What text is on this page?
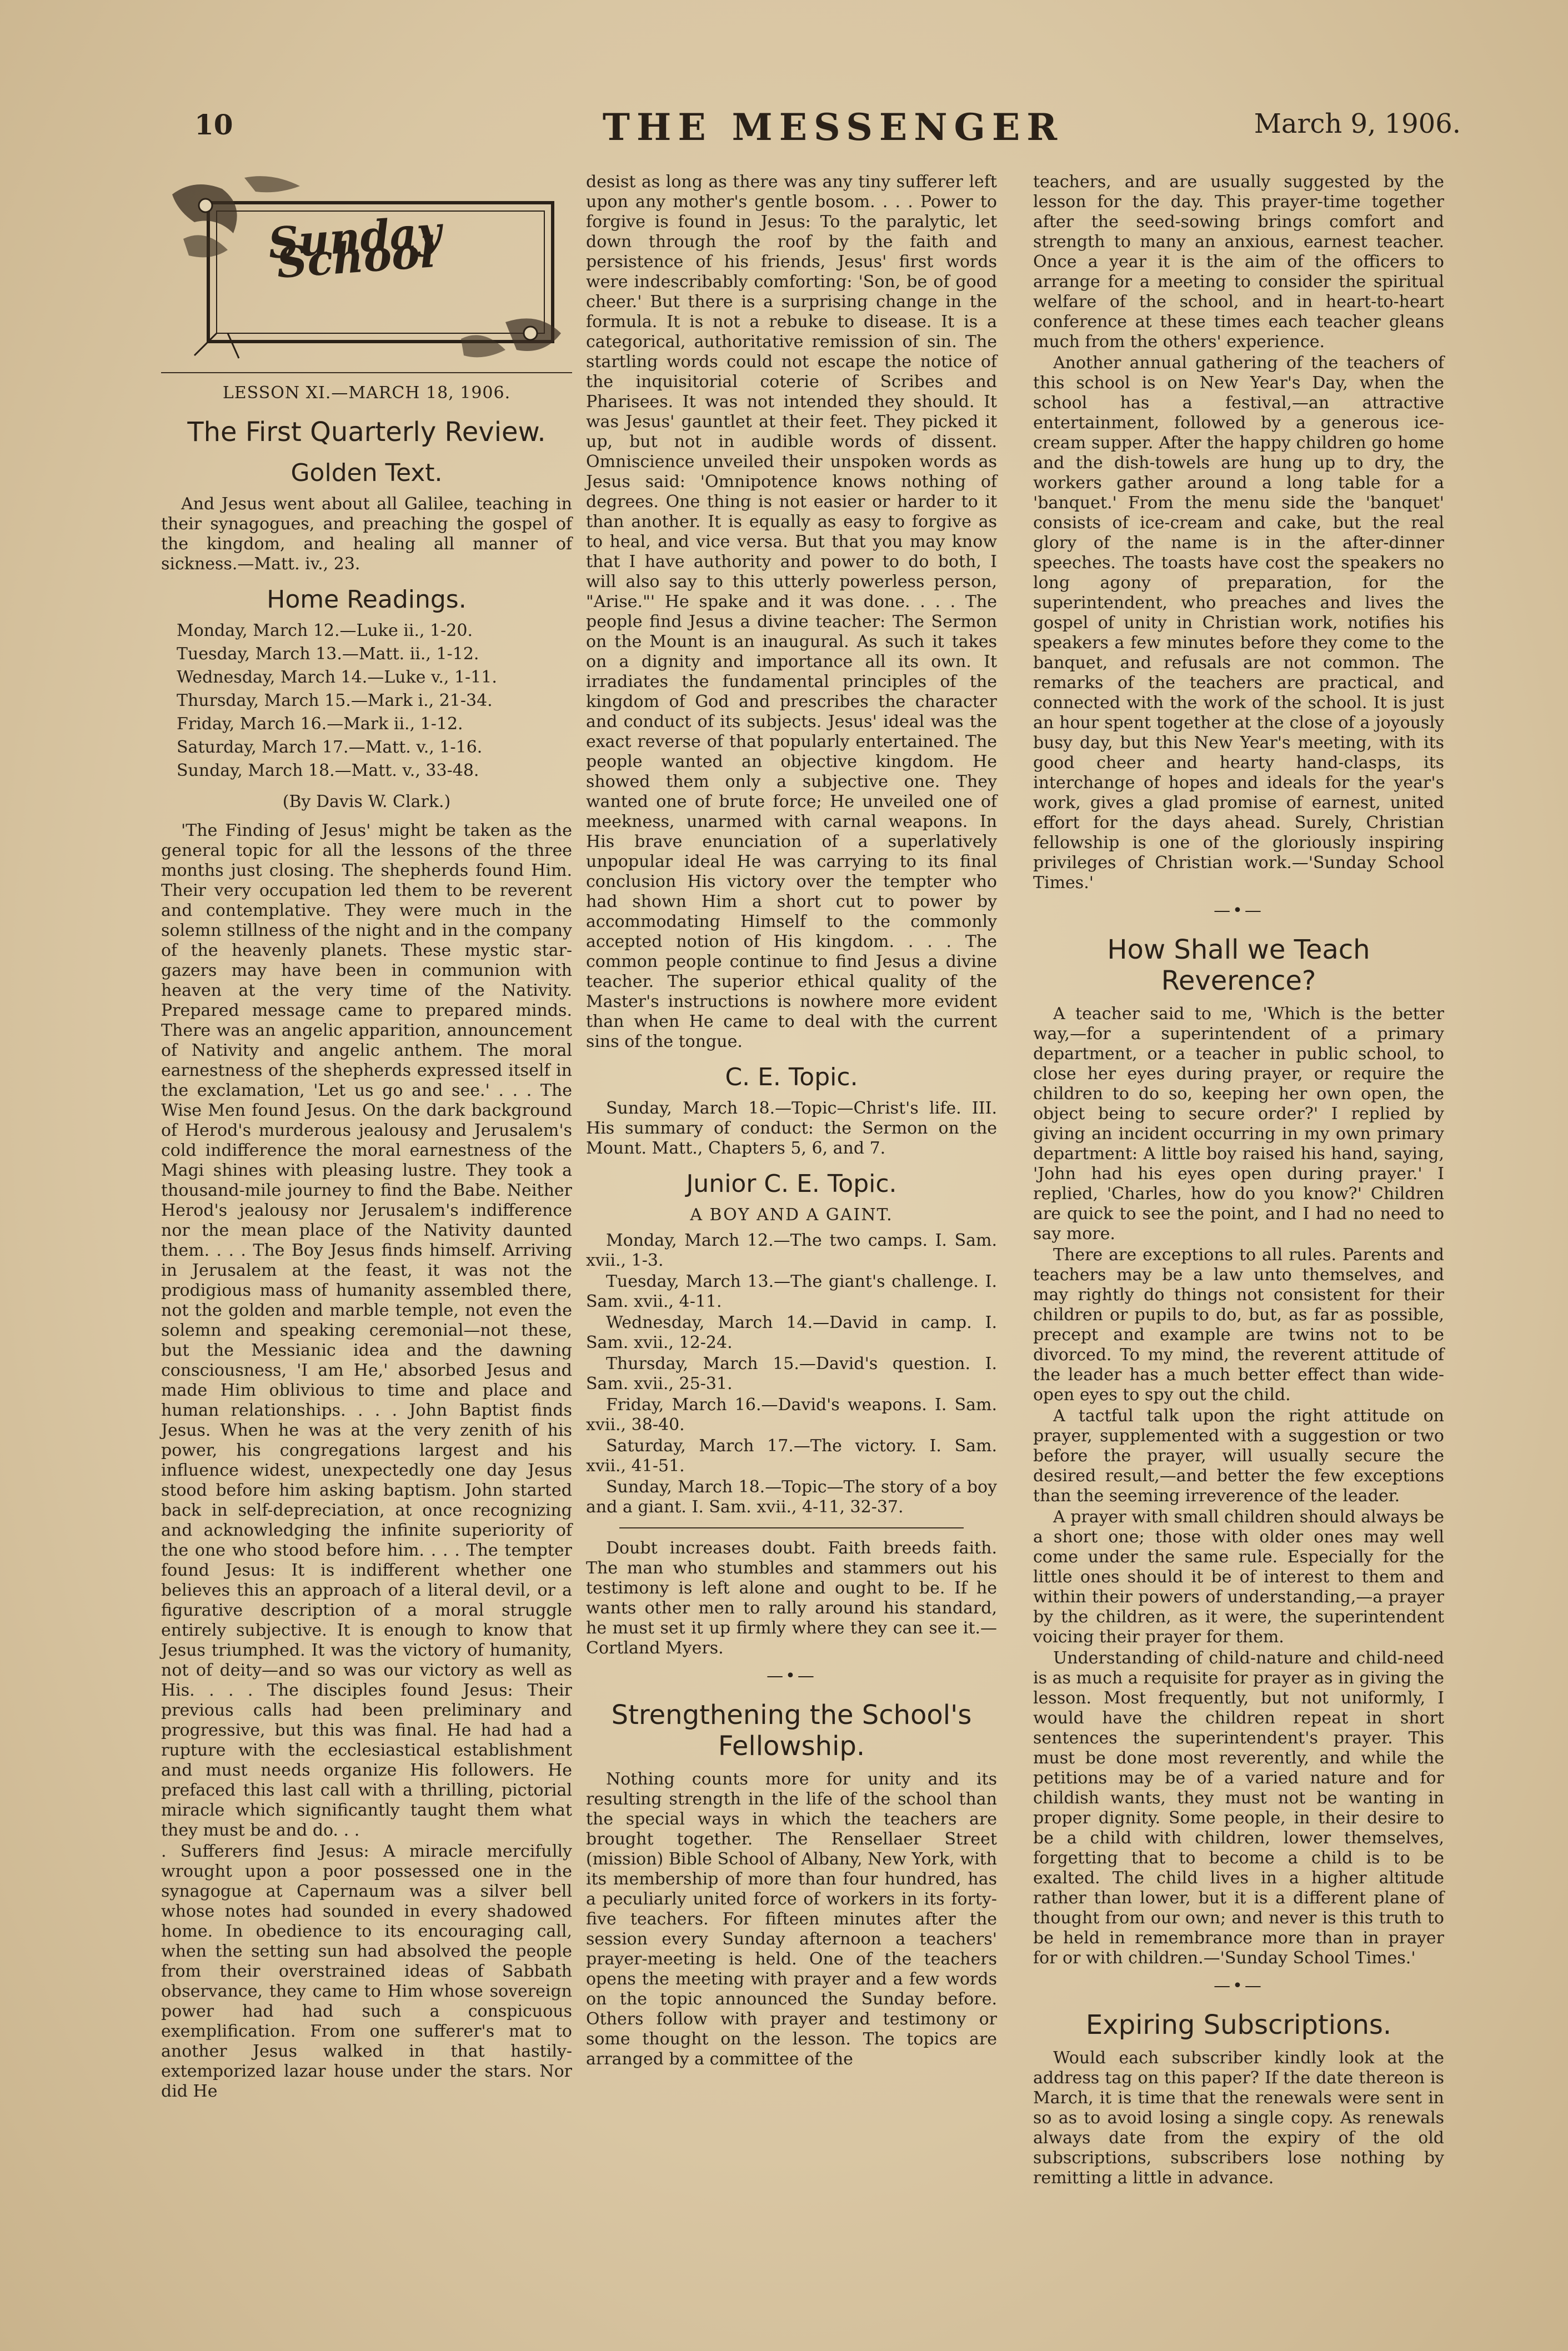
10	THE MESSENGER	March 9, 1906.
Sunday School
LESSON XI.—MARCH 18, 1906.
The First Quarterly Review.
Golden Text.

And Jesus went about all Galilee, teaching in their synagogues, and preaching the gospel of the kingdom, and healing all manner of sickness.—Matt. iv., 23.

Home Readings.
Monday, March 12.—Luke ii., 1-20.
Tuesday, March 13.—Matt. ii., 1-12.
Wednesday, March 14.—Luke v., 1-11.
Thursday, March 15.—Mark i., 21-34.
Friday, March 16.—Mark ii., 1-12.
Saturday, March 17.—Matt. v., 1-16.
Sunday, March 18.—Matt. v., 33-48.
(By Davis W. Clark.)

'The Finding of Jesus' might be taken as the general topic for all the lessons of the three months just closing. The shepherds found Him. Their very occupation led them to be reverent and contemplative. They were much in the solemn stillness of the night and in the company of the heavenly planets. These mystic star-gazers may have been in communion with heaven at the very time of the Nativity. Prepared message came to prepared minds. There was an angelic apparition, announcement of Nativity and angelic anthem. The moral earnestness of the shepherds expressed itself in the exclamation, 'Let us go and see.' . . . The Wise Men found Jesus. On the dark background of Herod's murderous jealousy and Jerusalem's cold indifference the moral earnestness of the Magi shines with pleasing lustre. They took a thousand-mile journey to find the Babe. Neither Herod's jealousy nor Jerusalem's indifference nor the mean place of the Nativity daunted them. . . . The Boy Jesus finds himself. Arriving in Jerusalem at the feast, it was not the prodigious mass of humanity assembled there, not the golden and marble temple, not even the solemn and speaking ceremonial—not these, but the Messianic idea and the dawning consciousness, 'I am He,' absorbed Jesus and made Him oblivious to time and place and human relationships. . . . John Baptist finds Jesus. When he was at the very zenith of his power, his congregations largest and his influence widest, unexpectedly one day Jesus stood before him asking baptism. John started back in self-depreciation, at once recognizing and acknowledging the infinite superiority of the one who stood before him. . . . The tempter found Jesus: It is indifferent whether one believes this an approach of a literal devil, or a figurative description of a moral struggle entirely subjective. It is enough to know that Jesus triumphed. It was the victory of humanity, not of deity—and so was our victory as well as His. . . . The disciples found Jesus: Their previous calls had been preliminary and progressive, but this was final. He had had a rupture with the ecclesiastical establishment and must needs organize His followers. He prefaced this last call with a thrilling, pictorial miracle which significantly taught them what they must be and do. . .

. Sufferers find Jesus: A miracle mercifully wrought upon a poor possessed one in the synagogue at Capernaum was a silver bell whose notes had sounded in every shadowed home. In obedience to its encouraging call, when the setting sun had absolved the people from their overstrained ideas of Sabbath observance, they came to Him whose sovereign power had had such a conspicuous exemplification. From one sufferer's mat to another Jesus walked in that hastily-extemporized lazar house under the stars. Nor did He

desist as long as there was any tiny sufferer left upon any mother's gentle bosom. . . . Power to forgive is found in Jesus: To the paralytic, let down through the roof by the faith and persistence of his friends, Jesus' first words were indescribably comforting: 'Son, be of good cheer.' But there is a surprising change in the formula. It is not a rebuke to disease. It is a categorical, authoritative remission of sin. The startling words could not escape the notice of the inquisitorial coterie of Scribes and Pharisees. It was not intended they should. It was Jesus' gauntlet at their feet. They picked it up, but not in audible words of dissent. Omniscience unveiled their unspoken words as Jesus said: 'Omnipotence knows nothing of degrees. One thing is not easier or harder to it than another. It is equally as easy to forgive as to heal, and vice versa. But that you may know that I have authority and power to do both, I will also say to this utterly powerless person, "Arise."' He spake and it was done. . . . The people find Jesus a divine teacher: The Sermon on the Mount is an inaugural. As such it takes on a dignity and importance all its own. It irradiates the fundamental principles of the kingdom of God and prescribes the character and conduct of its subjects. Jesus' ideal was the exact reverse of that popularly entertained. The people wanted an objective kingdom. He showed them only a subjective one. They wanted one of brute force; He unveiled one of meekness, unarmed with carnal weapons. In His brave enunciation of a superlatively unpopular ideal He was carrying to its final conclusion His victory over the tempter who had shown Him a short cut to power by accommodating Himself to the commonly accepted notion of His kingdom. . . . The common people continue to find Jesus a divine teacher. The superior ethical quality of the Master's instructions is nowhere more evident than when He came to deal with the current sins of the tongue.

C. E. Topic.

Sunday, March 18.—Topic—Christ's life. III. His summary of conduct: the Sermon on the Mount. Matt., Chapters 5, 6, and 7.

Junior C. E. Topic.
A BOY AND A GAINT.

Monday, March 12.—The two camps. I. Sam. xvii., 1-3.

Tuesday, March 13.—The giant's challenge. I. Sam. xvii., 4-11.

Wednesday, March 14.—David in camp. I. Sam. xvii., 12-24.

Thursday, March 15.—David's question. I. Sam. xvii., 25-31.

Friday, March 16.—David's weapons. I. Sam. xvii., 38-40.

Saturday, March 17.—The victory. I. Sam. xvii., 41-51.

Sunday, March 18.—Topic—The story of a boy and a giant. I. Sam. xvii., 4-11, 32-37.

Doubt increases doubt. Faith breeds faith. The man who stumbles and stammers out his testimony is left alone and ought to be. If he wants other men to rally around his standard, he must set it up firmly where they can see it.—Cortland Myers.

—•—
Strengthening the School's Fellowship.

Nothing counts more for unity and its resulting strength in the life of the school than the special ways in which the teachers are brought together. The Rensellaer Street (mission) Bible School of Albany, New York, with its membership of more than four hundred, has a peculiarly united force of workers in its forty-five teachers. For fifteen minutes after the session every Sunday afternoon a teachers' prayer-meeting is held. One of the teachers opens the meeting with prayer and a few words on the topic announced the Sunday before. Others follow with prayer and testimony or some thought on the lesson. The topics are arranged by a committee of the

teachers, and are usually suggested by the lesson for the day. This prayer-time together after the seed-sowing brings comfort and strength to many an anxious, earnest teacher. Once a year it is the aim of the officers to arrange for a meeting to consider the spiritual welfare of the school, and in heart-to-heart conference at these times each teacher gleans much from the others' experience.

Another annual gathering of the teachers of this school is on New Year's Day, when the school has a festival,—an attractive entertainment, followed by a generous ice-cream supper. After the happy children go home and the dish-towels are hung up to dry, the workers gather around a long table for a 'banquet.' From the menu side the 'banquet' consists of ice-cream and cake, but the real glory of the name is in the after-dinner speeches. The toasts have cost the speakers no long agony of preparation, for the superintendent, who preaches and lives the gospel of unity in Christian work, notifies his speakers a few minutes before they come to the banquet, and refusals are not common. The remarks of the teachers are practical, and connected with the work of the school. It is just an hour spent together at the close of a joyously busy day, but this New Year's meeting, with its good cheer and hearty hand-clasps, its interchange of hopes and ideals for the year's work, gives a glad promise of earnest, united effort for the days ahead. Surely, Christian fellowship is one of the gloriously inspiring privileges of Christian work.—'Sunday School Times.'

—•—
How Shall we Teach Reverence?

A teacher said to me, 'Which is the better way,—for a superintendent of a primary department, or a teacher in public school, to close her eyes during prayer, or require the children to do so, keeping her own open, the object being to secure order?' I replied by giving an incident occurring in my own primary department: A little boy raised his hand, saying, 'John had his eyes open during prayer.' I replied, 'Charles, how do you know?' Children are quick to see the point, and I had no need to say more.

There are exceptions to all rules. Parents and teachers may be a law unto themselves, and may rightly do things not consistent for their children or pupils to do, but, as far as possible, precept and example are twins not to be divorced. To my mind, the reverent attitude of the leader has a much better effect than wide-open eyes to spy out the child.

A tactful talk upon the right attitude on prayer, supplemented with a suggestion or two before the prayer, will usually secure the desired result,—and better the few exceptions than the seeming irreverence of the leader.

A prayer with small children should always be a short one; those with older ones may well come under the same rule. Especially for the little ones should it be of interest to them and within their powers of understanding,—a prayer by the children, as it were, the superintendent voicing their prayer for them.

Understanding of child-nature and child-need is as much a requisite for prayer as in giving the lesson. Most frequently, but not uniformly, I would have the children repeat in short sentences the superintendent's prayer. This must be done most reverently, and while the petitions may be of a varied nature and for childish wants, they must not be wanting in proper dignity. Some people, in their desire to be a child with children, lower themselves, forgetting that to become a child is to be exalted. The child lives in a higher altitude rather than lower, but it is a different plane of thought from our own; and never is this truth to be held in remembrance more than in prayer for or with children.—'Sunday School Times.'

—•—
Expiring Subscriptions.

Would each subscriber kindly look at the address tag on this paper? If the date thereon is March, it is time that the renewals were sent in so as to avoid losing a single copy. As renewals always date from the expiry of the old subscriptions, subscribers lose nothing by remitting a little in advance.
